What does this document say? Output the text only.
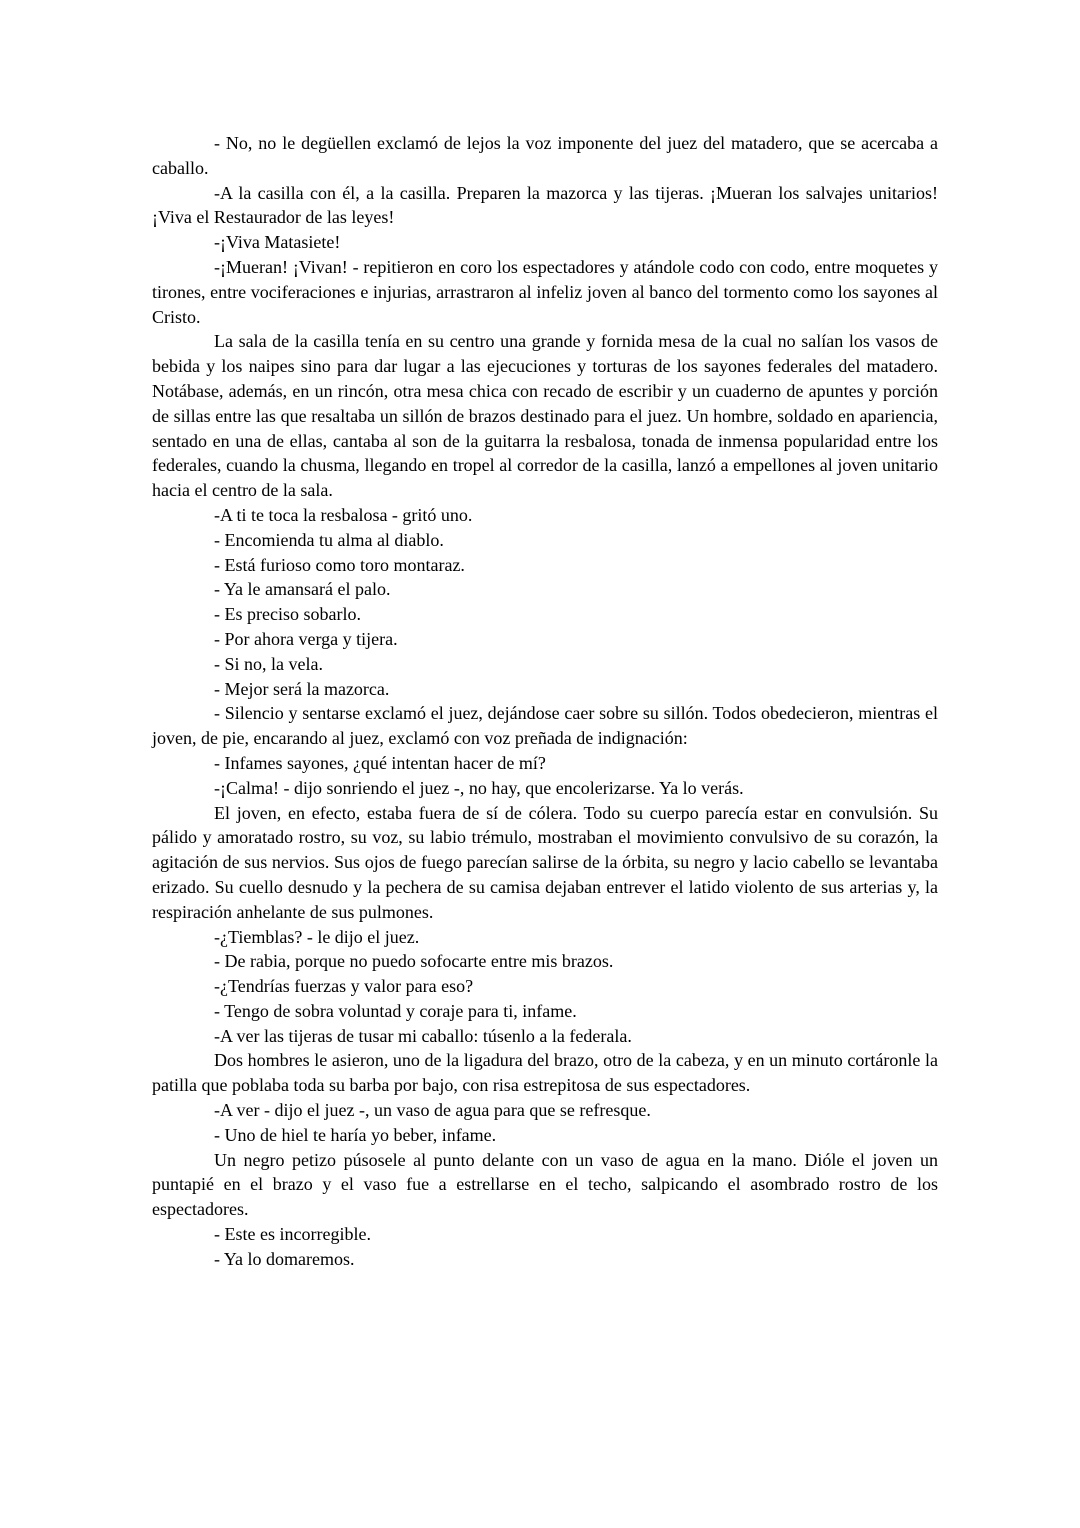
- No, no le degüellen exclamó de lejos la voz imponente del juez del matadero, que se acercaba a caballo.

-A la casilla con él, a la casilla. Preparen la mazorca y las tijeras. ¡Mueran los salvajes unitarios! ¡Viva el Restaurador de las leyes!

-¡Viva Matasiete!

-¡Mueran! ¡Vivan! - repitieron en coro los espectadores y atándole codo con codo, entre moquetes y tirones, entre vociferaciones e injurias, arrastraron al infeliz joven al banco del tormento como los sayones al Cristo.

La sala de la casilla tenía en su centro una grande y fornida mesa de la cual no salían los vasos de bebida y los naipes sino para dar lugar a las ejecuciones y torturas de los sayones federales del matadero. Notábase, además, en un rincón, otra mesa chica con recado de escribir y un cuaderno de apuntes y porción de sillas entre las que resaltaba un sillón de brazos destinado para el juez. Un hombre, soldado en apariencia, sentado en una de ellas, cantaba al son de la guitarra la resbalosa, tonada de inmensa popularidad entre los federales, cuando la chusma, llegando en tropel al corredor de la casilla, lanzó a empellones al joven unitario hacia el centro de la sala.

-A ti te toca la resbalosa - gritó uno.

- Encomienda tu alma al diablo.

- Está furioso como toro montaraz.

- Ya le amansará el palo.

- Es preciso sobarlo.

- Por ahora verga y tijera.

- Si no, la vela.

- Mejor será la mazorca.

- Silencio y sentarse exclamó el juez, dejándose caer sobre su sillón. Todos obedecieron, mientras el joven, de pie, encarando al juez, exclamó con voz preñada de indignación:

- Infames sayones, ¿qué intentan hacer de mí?

-¡Calma! - dijo sonriendo el juez -, no hay, que encolerizarse. Ya lo verás.

El joven, en efecto, estaba fuera de sí de cólera. Todo su cuerpo parecía estar en convulsión. Su pálido y amoratado rostro, su voz, su labio trémulo, mostraban el movimiento convulsivo de su corazón, la agitación de sus nervios. Sus ojos de fuego parecían salirse de la órbita, su negro y lacio cabello se levantaba erizado. Su cuello desnudo y la pechera de su camisa dejaban entrever el latido violento de sus arterias y, la respiración anhelante de sus pulmones.

-¿Tiemblas? - le dijo el juez.

- De rabia, porque no puedo sofocarte entre mis brazos.

-¿Tendrías fuerzas y valor para eso?

- Tengo de sobra voluntad y coraje para ti, infame.

-A ver las tijeras de tusar mi caballo: túsenlo a la federala.

Dos hombres le asieron, uno de la ligadura del brazo, otro de la cabeza, y en un minuto cortáronle la patilla que poblaba toda su barba por bajo, con risa estrepitosa de sus espectadores.

-A ver - dijo el juez -, un vaso de agua para que se refresque.

- Uno de hiel te haría yo beber, infame.

Un negro petizo púsosele al punto delante con un vaso de agua en la mano. Dióle el joven un puntapié en el brazo y el vaso fue a estrellarse en el techo, salpicando el asombrado rostro de los espectadores.

- Este es incorregible.

- Ya lo domaremos.
